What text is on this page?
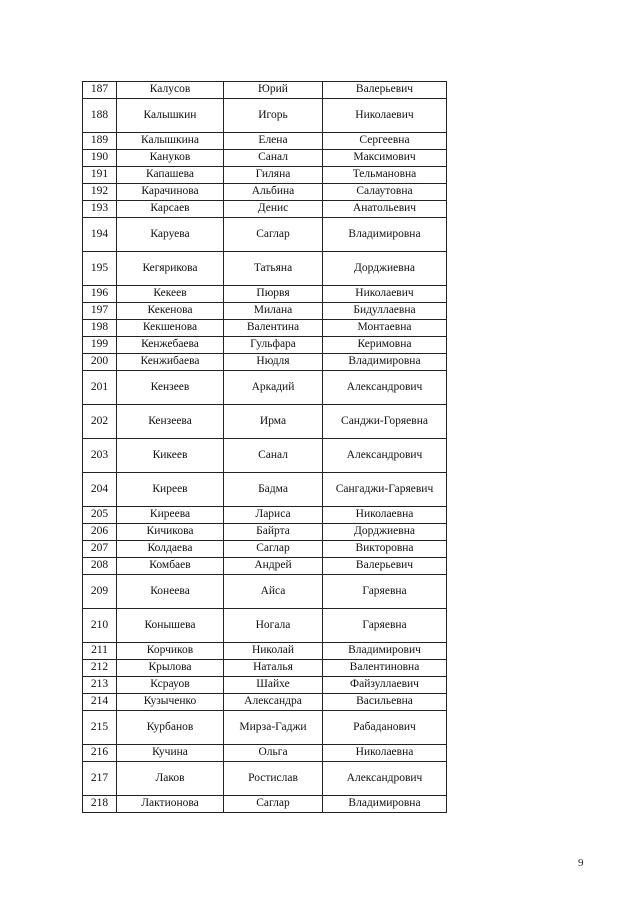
187	Калусов	Юрий	Валерьевич
188	Калышкин	Игорь	Николаевич
189	Калышкина	Елена	Сергеевна
190	Кануков	Санал	Максимович
191	Капашева	Гиляна	Тельмановна
192	Карачинова	Альбина	Салаутовна
193	Карсаев	Денис	Анатольевич
194	Каруева	Саглар	Владимировна
195	Кегярикова	Татьяна	Дорджиевна
196	Кекеев	Пюрвя	Николаевич
197	Кекенова	Милана	Бидуллаевна
198	Кекшенова	Валентина	Монтаевна
199	Кенжебаева	Гульфара	Керимовна
200	Кенжибаева	Нюдля	Владимировна
201	Кензеев	Аркадий	Александрович
202	Кензеева	Ирма	Санджи-Горяевна
203	Кикеев	Санал	Александрович
204	Киреев	Бадма	Сангаджи-Гаряевич
205	Киреева	Лариса	Николаевна
206	Кичикова	Байрта	Дорджиевна
207	Колдаева	Саглар	Викторовна
208	Комбаев	Андрей	Валерьевич
209	Конеева	Айса	Гаряевна
210	Конышева	Ногала	Гаряевна
211	Корчиков	Николай	Владимирович
212	Крылова	Наталья	Валентиновна
213	Ксрауов	Шайхе	Файзуллаевич
214	Кузыченко	Александра	Васильевна
215	Курбанов	Мирза-Гаджи	Рабаданович
216	Кучина	Ольга	Николаевна
217	Лаков	Ростислав	Александрович
218	Лактионова	Саглар	Владимировна
9
